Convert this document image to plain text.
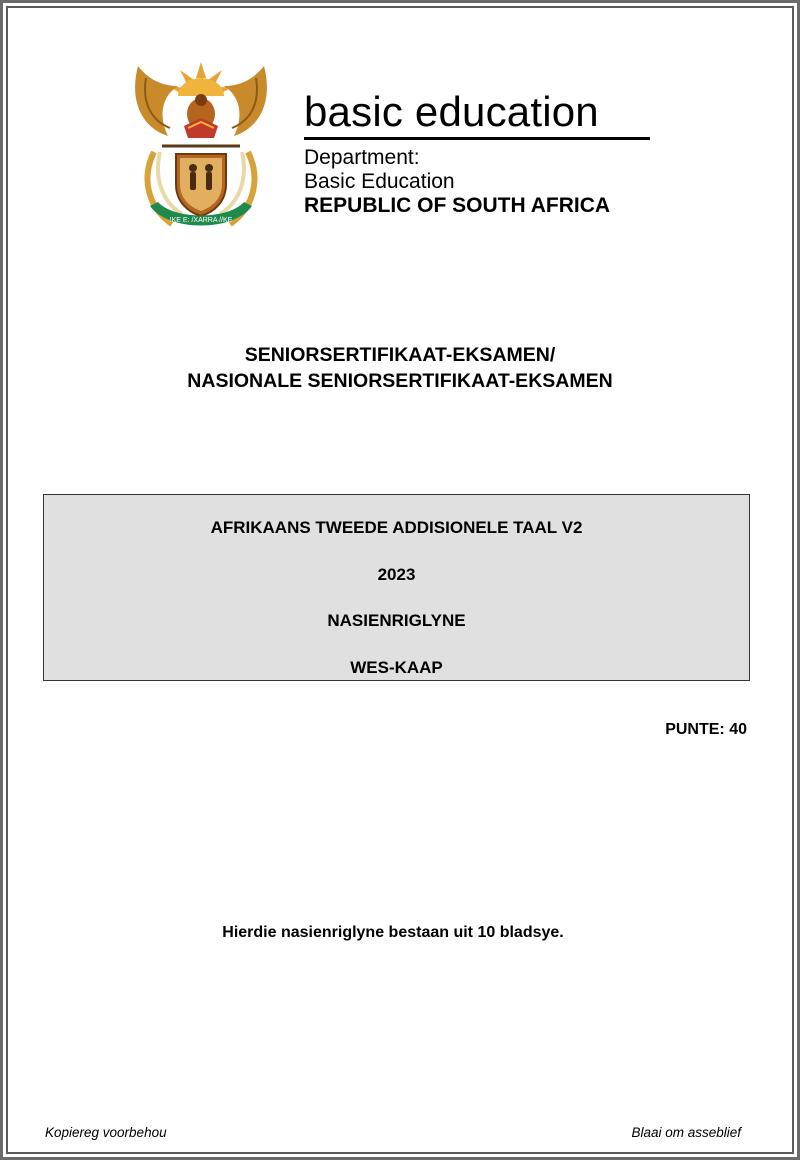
!KE E: /XARRA //KE
basic education
Department:
Basic Education
REPUBLIC OF SOUTH AFRICA
SENIORSERTIFIKAAT-EKSAMEN/
NASIONALE SENIORSERTIFIKAAT-EKSAMEN
AFRIKAANS TWEEDE ADDISIONELE TAAL V2
2023
NASIENRIGLYNE
WES-KAAP
PUNTE: 40
Hierdie nasienriglyne bestaan uit 10 bladsye.
Kopiereg voorbehou	Blaai om asseblief
